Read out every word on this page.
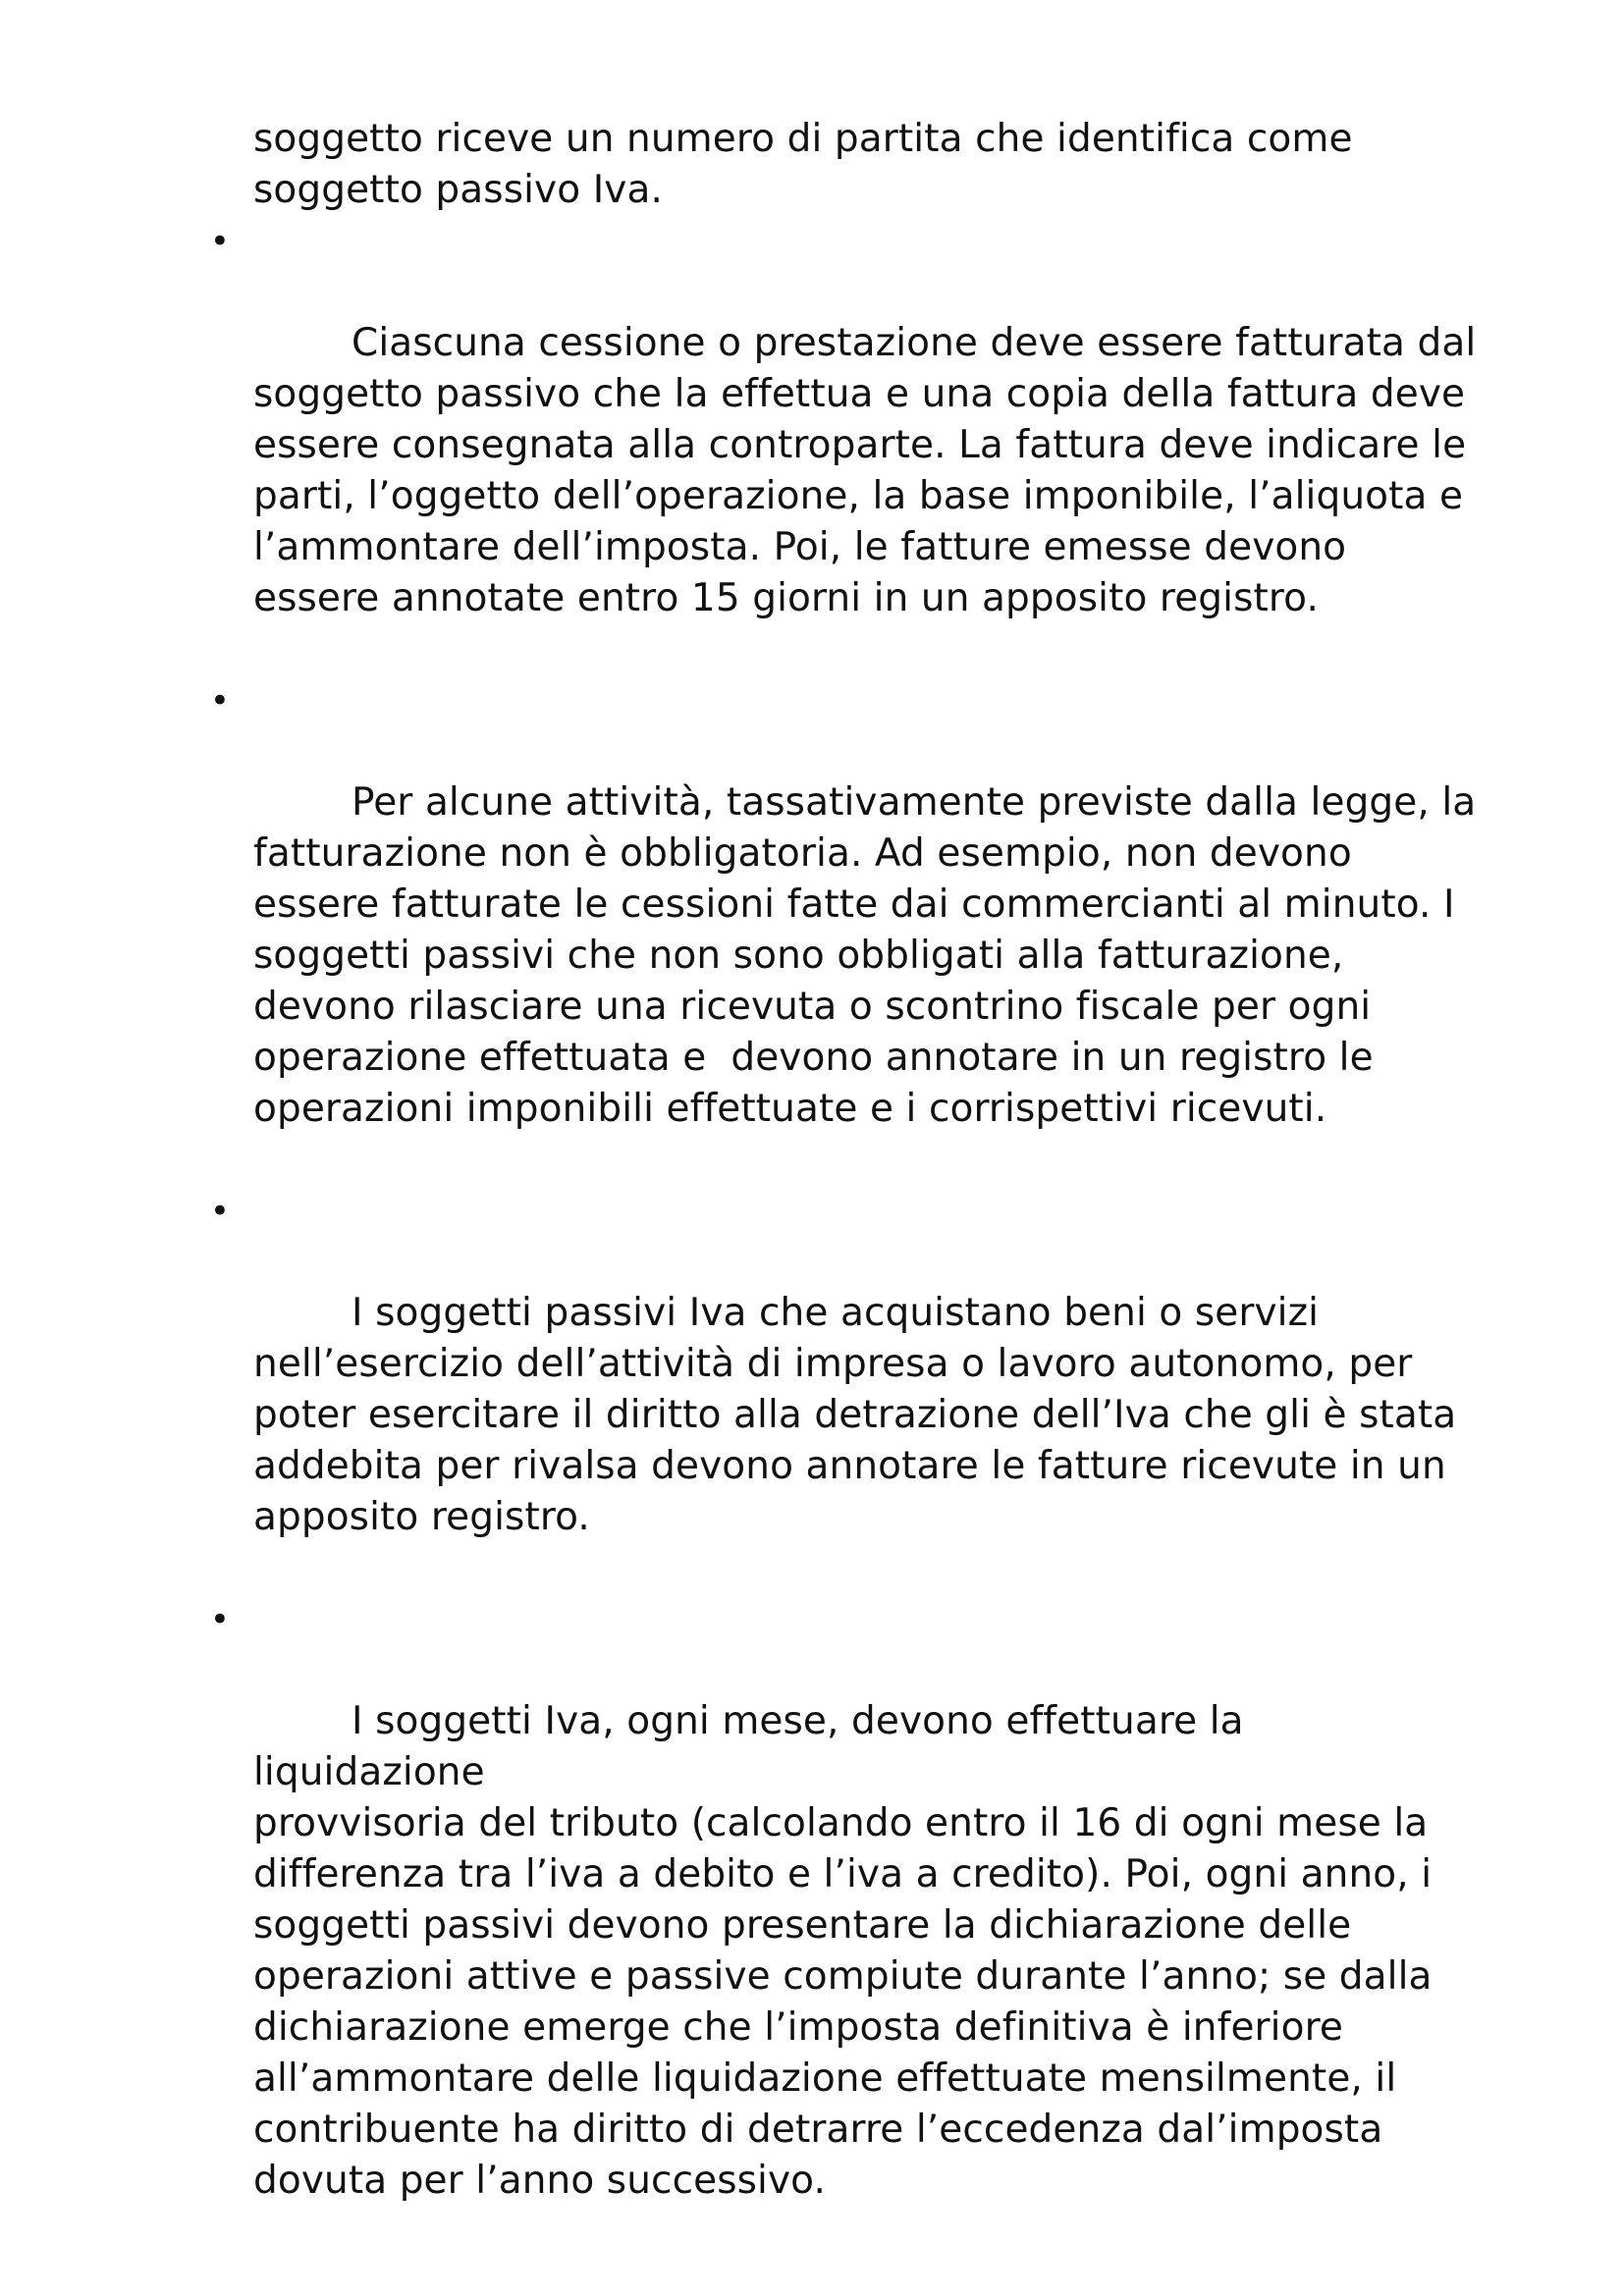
soggetto riceve un numero di partita che identifica come
soggetto passivo Iva.

•

Ciascuna cessione o prestazione deve essere fatturata dal
soggetto passivo che la effettua e una copia della fattura deve
essere consegnata alla controparte. La fattura deve indicare le
parti, l’oggetto dell’operazione, la base imponibile, l’aliquota e
l’ammontare dell’imposta. Poi, le fatture emesse devono
essere annotate entro 15 giorni in un apposito registro.

•

Per alcune attività, tassativamente previste dalla legge, la
fatturazione non è obbligatoria. Ad esempio, non devono
essere fatturate le cessioni fatte dai commercianti al minuto. I
soggetti passivi che non sono obbligati alla fatturazione,
devono rilasciare una ricevuta o scontrino fiscale per ogni
operazione effettuata e  devono annotare in un registro le
operazioni imponibili effettuate e i corrispettivi ricevuti.

•

I soggetti passivi Iva che acquistano beni o servizi
nell’esercizio dell’attività di impresa o lavoro autonomo, per
poter esercitare il diritto alla detrazione dell’Iva che gli è stata
addebita per rivalsa devono annotare le fatture ricevute in un
apposito registro.

•

I soggetti Iva, ogni mese, devono effettuare la liquidazione
provvisoria del tributo (calcolando entro il 16 di ogni mese la
differenza tra l’iva a debito e l’iva a credito). Poi, ogni anno, i
soggetti passivi devono presentare la dichiarazione delle
operazioni attive e passive compiute durante l’anno; se dalla
dichiarazione emerge che l’imposta definitiva è inferiore
all’ammontare delle liquidazione effettuate mensilmente, il
contribuente ha diritto di detrarre l’eccedenza dal’imposta
dovuta per l’anno successivo.
